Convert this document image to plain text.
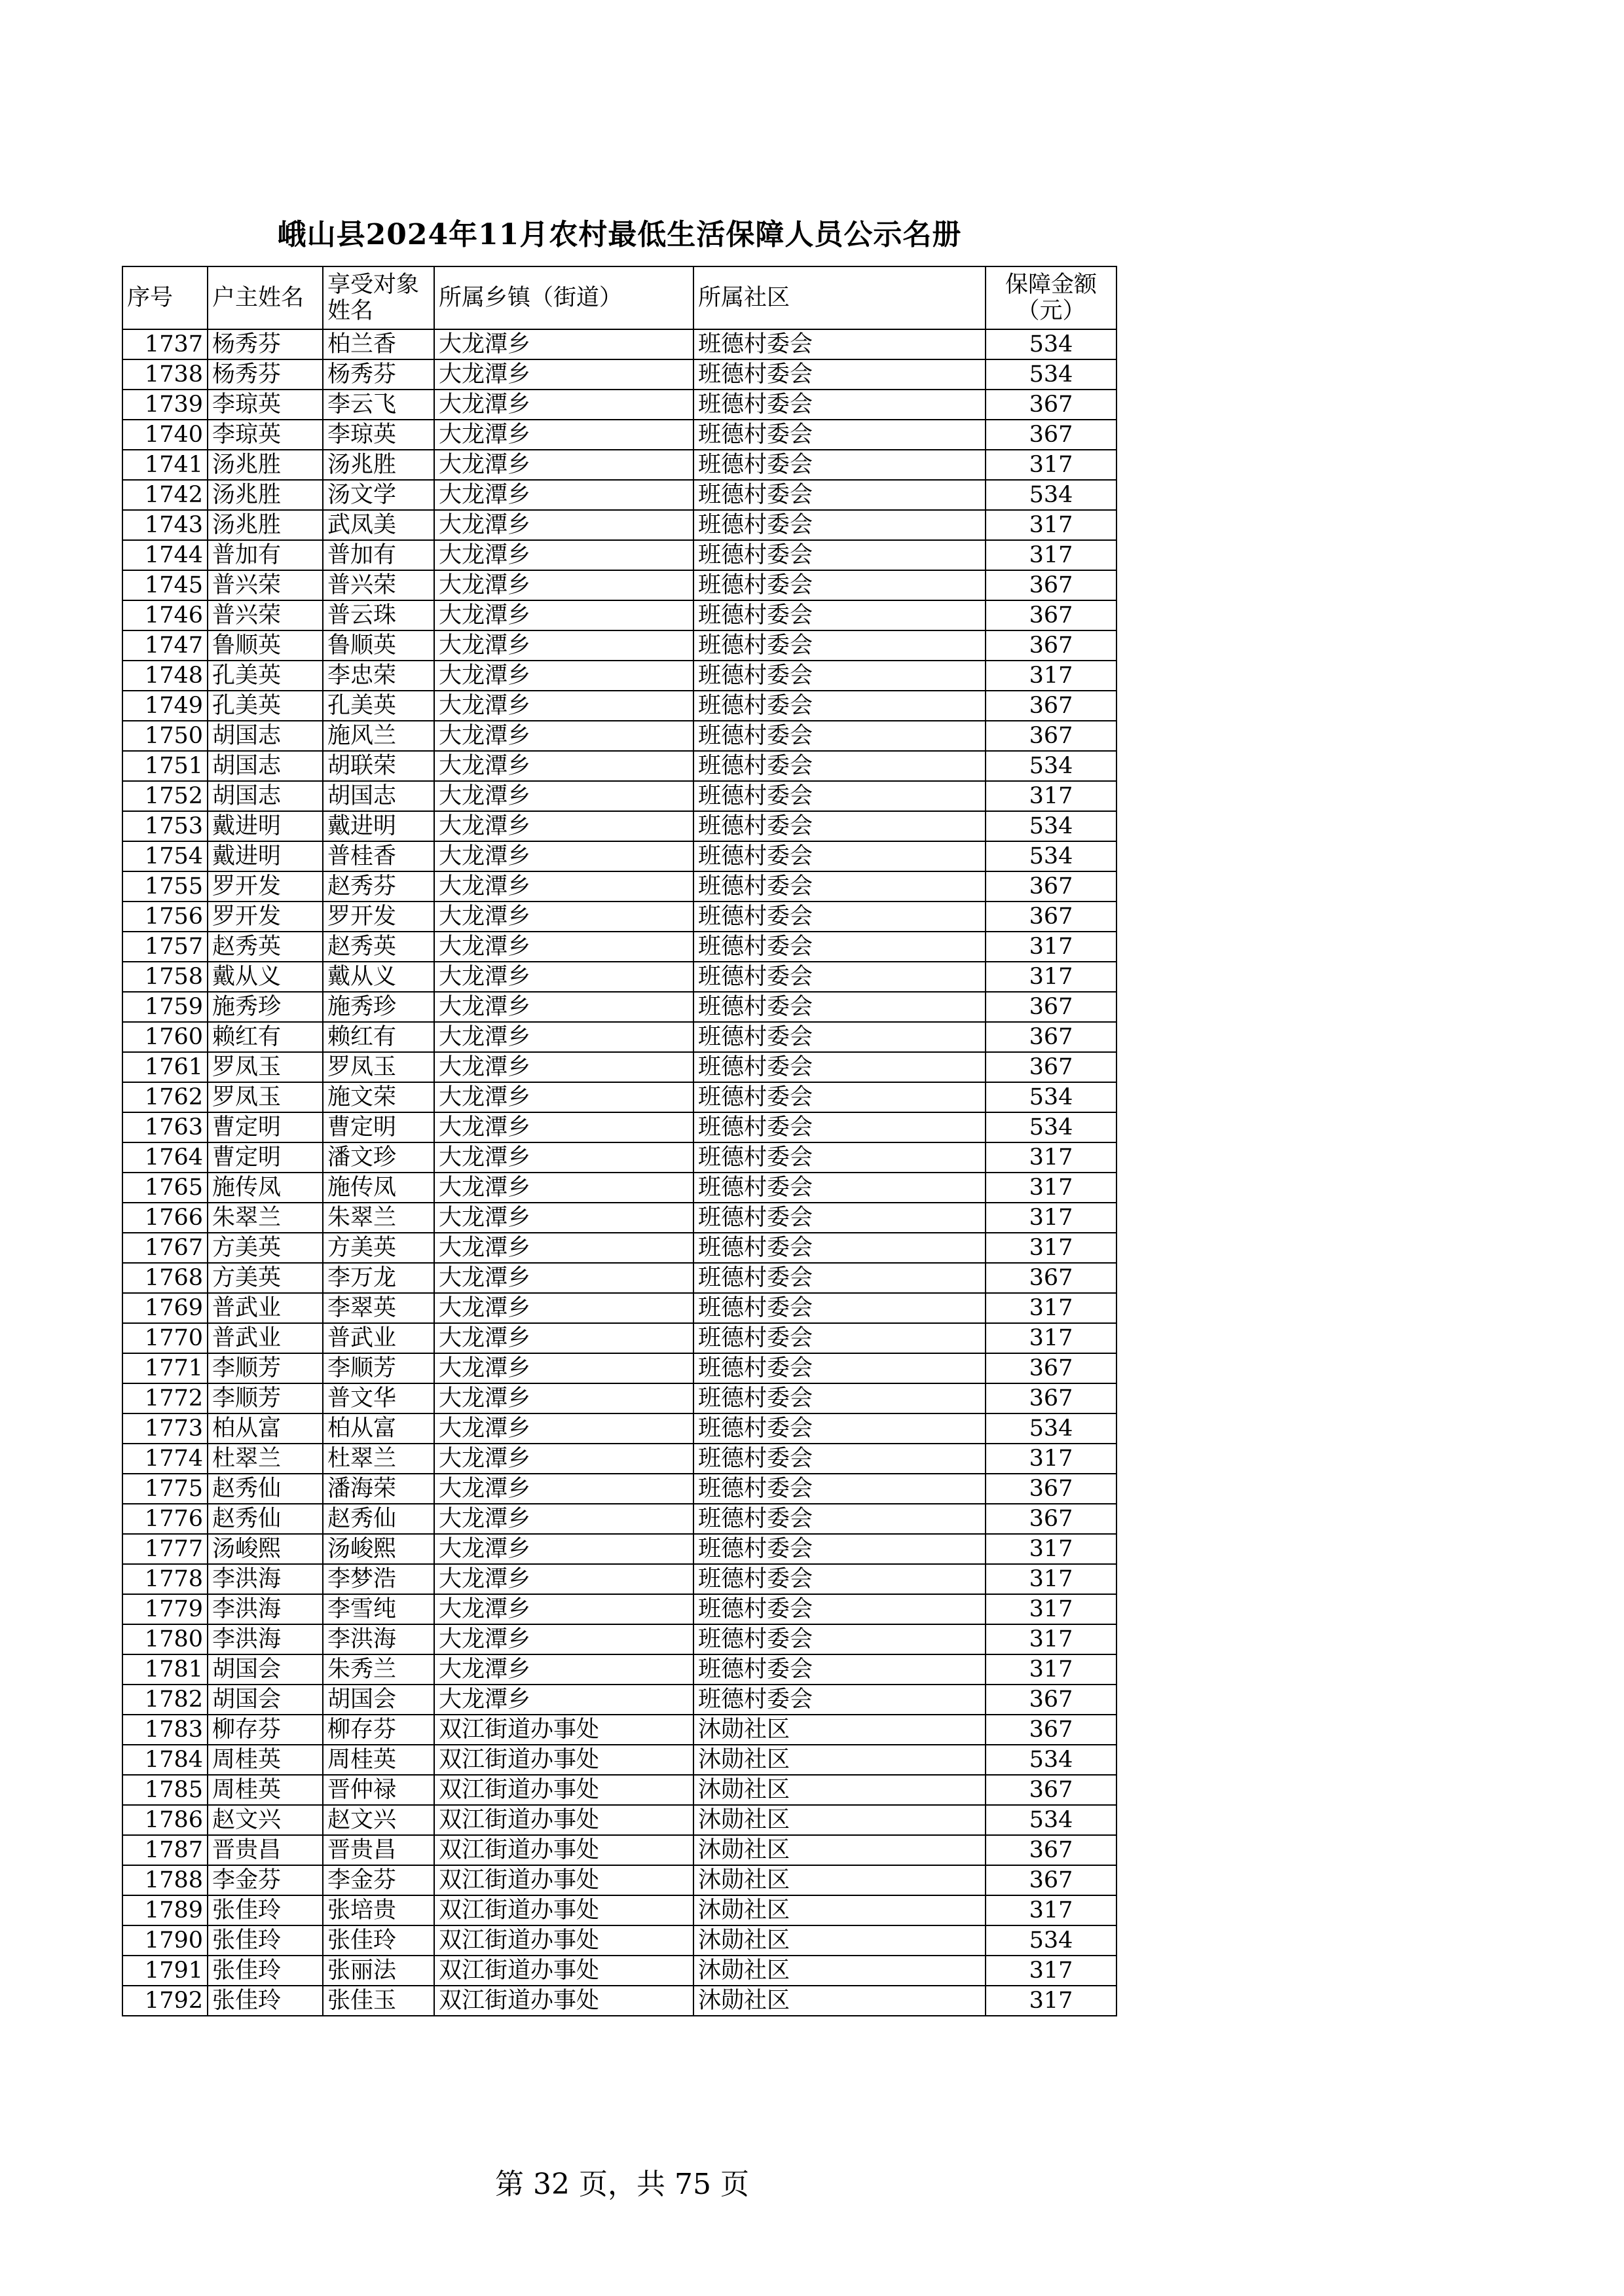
峨山县2024年11月农村最低生活保障人员公示名册
序号	户主姓名	享受对象姓名	所属乡镇（街道）	所属社区	保障金额（元）
1737	杨秀芬	柏兰香	大龙潭乡	班德村委会	534
1738	杨秀芬	杨秀芬	大龙潭乡	班德村委会	534
1739	李琼英	李云飞	大龙潭乡	班德村委会	367
1740	李琼英	李琼英	大龙潭乡	班德村委会	367
1741	汤兆胜	汤兆胜	大龙潭乡	班德村委会	317
1742	汤兆胜	汤文学	大龙潭乡	班德村委会	534
1743	汤兆胜	武凤美	大龙潭乡	班德村委会	317
1744	普加有	普加有	大龙潭乡	班德村委会	317
1745	普兴荣	普兴荣	大龙潭乡	班德村委会	367
1746	普兴荣	普云珠	大龙潭乡	班德村委会	367
1747	鲁顺英	鲁顺英	大龙潭乡	班德村委会	367
1748	孔美英	李忠荣	大龙潭乡	班德村委会	317
1749	孔美英	孔美英	大龙潭乡	班德村委会	367
1750	胡国志	施风兰	大龙潭乡	班德村委会	367
1751	胡国志	胡联荣	大龙潭乡	班德村委会	534
1752	胡国志	胡国志	大龙潭乡	班德村委会	317
1753	戴进明	戴进明	大龙潭乡	班德村委会	534
1754	戴进明	普桂香	大龙潭乡	班德村委会	534
1755	罗开发	赵秀芬	大龙潭乡	班德村委会	367
1756	罗开发	罗开发	大龙潭乡	班德村委会	367
1757	赵秀英	赵秀英	大龙潭乡	班德村委会	317
1758	戴从义	戴从义	大龙潭乡	班德村委会	317
1759	施秀珍	施秀珍	大龙潭乡	班德村委会	367
1760	赖红有	赖红有	大龙潭乡	班德村委会	367
1761	罗凤玉	罗凤玉	大龙潭乡	班德村委会	367
1762	罗凤玉	施文荣	大龙潭乡	班德村委会	534
1763	曹定明	曹定明	大龙潭乡	班德村委会	534
1764	曹定明	潘文珍	大龙潭乡	班德村委会	317
1765	施传凤	施传凤	大龙潭乡	班德村委会	317
1766	朱翠兰	朱翠兰	大龙潭乡	班德村委会	317
1767	方美英	方美英	大龙潭乡	班德村委会	317
1768	方美英	李万龙	大龙潭乡	班德村委会	367
1769	普武业	李翠英	大龙潭乡	班德村委会	317
1770	普武业	普武业	大龙潭乡	班德村委会	317
1771	李顺芳	李顺芳	大龙潭乡	班德村委会	367
1772	李顺芳	普文华	大龙潭乡	班德村委会	367
1773	柏从富	柏从富	大龙潭乡	班德村委会	534
1774	杜翠兰	杜翠兰	大龙潭乡	班德村委会	317
1775	赵秀仙	潘海荣	大龙潭乡	班德村委会	367
1776	赵秀仙	赵秀仙	大龙潭乡	班德村委会	367
1777	汤峻熙	汤峻熙	大龙潭乡	班德村委会	317
1778	李洪海	李梦浩	大龙潭乡	班德村委会	317
1779	李洪海	李雪纯	大龙潭乡	班德村委会	317
1780	李洪海	李洪海	大龙潭乡	班德村委会	317
1781	胡国会	朱秀兰	大龙潭乡	班德村委会	317
1782	胡国会	胡国会	大龙潭乡	班德村委会	367
1783	柳存芬	柳存芬	双江街道办事处	沐勋社区	367
1784	周桂英	周桂英	双江街道办事处	沐勋社区	534
1785	周桂英	晋仲禄	双江街道办事处	沐勋社区	367
1786	赵文兴	赵文兴	双江街道办事处	沐勋社区	534
1787	晋贵昌	晋贵昌	双江街道办事处	沐勋社区	367
1788	李金芬	李金芬	双江街道办事处	沐勋社区	367
1789	张佳玲	张培贵	双江街道办事处	沐勋社区	317
1790	张佳玲	张佳玲	双江街道办事处	沐勋社区	534
1791	张佳玲	张丽法	双江街道办事处	沐勋社区	317
1792	张佳玲	张佳玉	双江街道办事处	沐勋社区	317
第 32 页，共 75 页
